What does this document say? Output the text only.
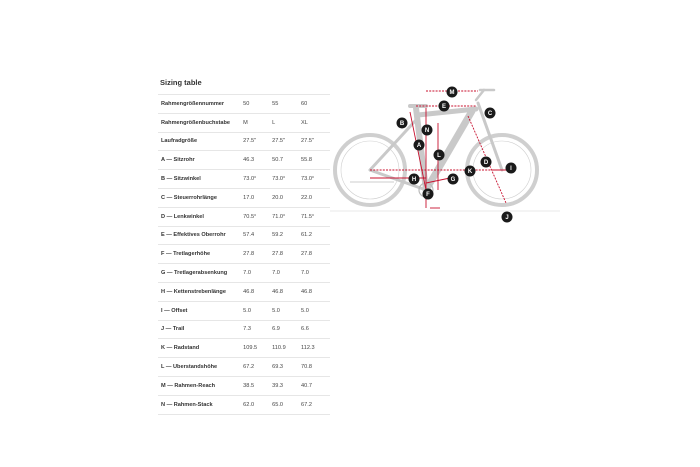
Sizing table
Rahmengrößennummer	50	55	60
Rahmengrößenbuchstabe	M	L	XL
Laufradgröße	27.5"	27.5"	27.5"
A — Sitzrohr	46.3	50.7	55.8
B — Sitzwinkel	73.0°	73.0°	73.0°
C — Steuerrohrlänge	17.0	20.0	22.0
D — Lenkwinkel	70.5°	71.0°	71.5°
E — Effektives Oberrohr	57.4	59.2	61.2
F — Tretlagerhöhe	27.8	27.8	27.8
G — Tretlagerabsenkung	7.0	7.0	7.0
H — Kettenstrebenlänge	46.8	46.8	46.8
I — Offset	5.0	5.0	5.0
J — Trail	7.3	6.9	6.6
K — Radstand	109.5	110.9	112.3
L — Überstandshöhe	67.2	69.3	70.8
M — Rahmen-Reach	38.5	39.3	40.7
N — Rahmen-Stack	62.0	65.0	67.2
A
B
C
D
E
F
G
H
I
J
K
L
M
N
